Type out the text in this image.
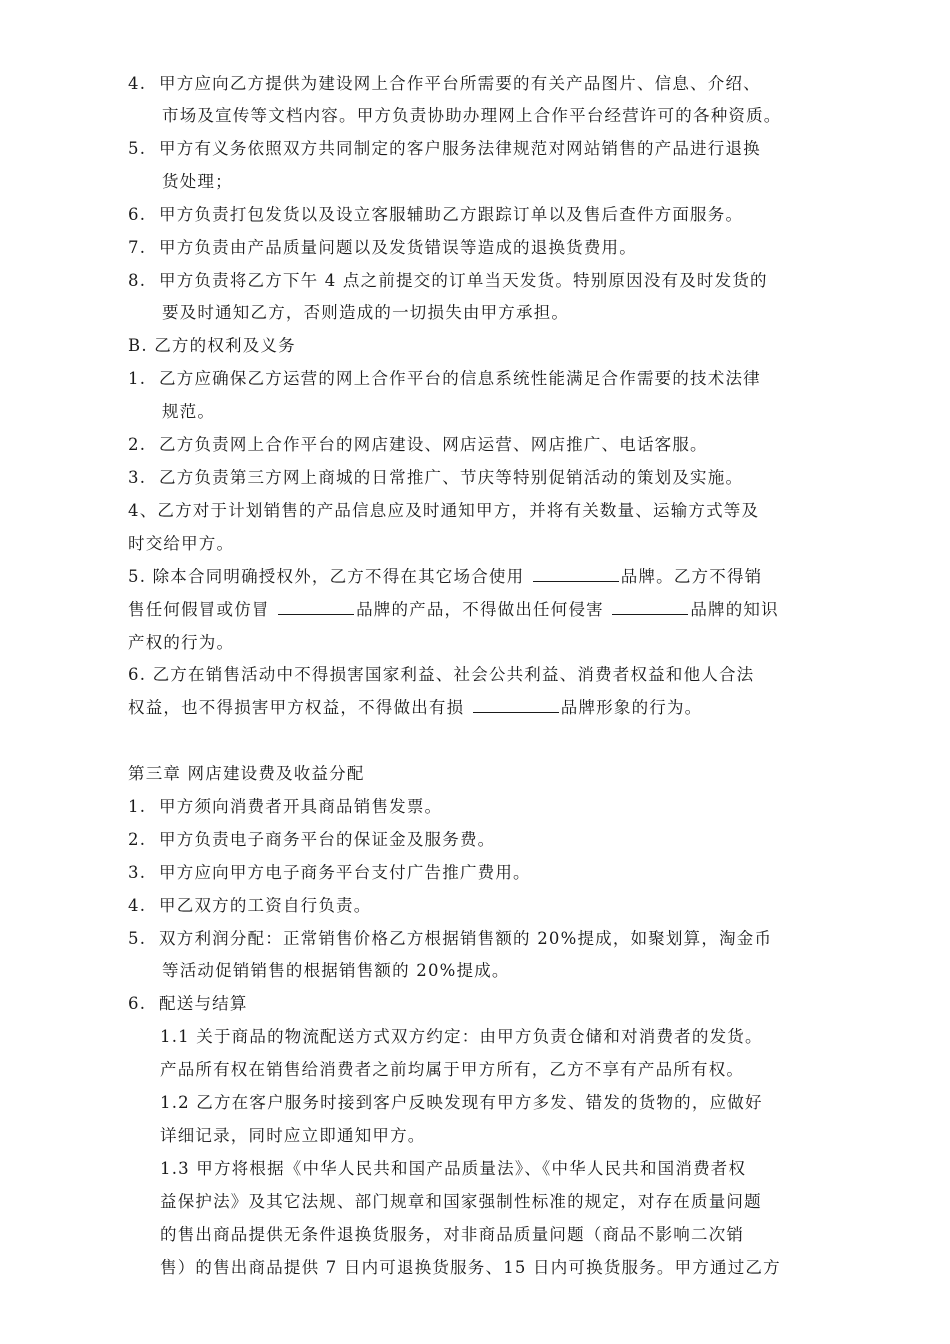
4. 甲方应向乙方提供为建设网上合作平台所需要的有关产品图片、信息、介绍、
市场及宣传等文档内容。甲方负责协助办理网上合作平台经营许可的各种资质。
5. 甲方有义务依照双方共同制定的客户服务法律规范对网站销售的产品进行退换
货处理；
6. 甲方负责打包发货以及设立客服辅助乙方跟踪订单以及售后查件方面服务。
7. 甲方负责由产品质量问题以及发货错误等造成的退换货费用。
8. 甲方负责将乙方下午 4 点之前提交的订单当天发货。特别原因没有及时发货的
要及时通知乙方，否则造成的一切损失由甲方承担。
B. 乙方的权利及义务
1. 乙方应确保乙方运营的网上合作平台的信息系统性能满足合作需要的技术法律
规范。
2. 乙方负责网上合作平台的网店建设、网店运营、网店推广、电话客服。
3. 乙方负责第三方网上商城的日常推广、节庆等特别促销活动的策划及实施。
4、乙方对于计划销售的产品信息应及时通知甲方，并将有关数量、运输方式等及
时交给甲方。
5. 除本合同明确授权外，乙方不得在其它场合使用	品牌。乙方不得销
售任何假冒或仿冒	品牌的产品，不得做出任何侵害	品牌的知识
产权的行为。
6. 乙方在销售活动中不得损害国家利益、社会公共利益、消费者权益和他人合法
权益，也不得损害甲方权益，不得做出有损	品牌形象的行为。
第三章 网店建设费及收益分配
1. 甲方须向消费者开具商品销售发票。
2. 甲方负责电子商务平台的保证金及服务费。
3. 甲方应向甲方电子商务平台支付广告推广费用。
4. 甲乙双方的工资自行负责。
5. 双方利润分配：正常销售价格乙方根据销售额的 20%提成，如聚划算，淘金币
等活动促销销售的根据销售额的 20%提成。
6. 配送与结算
1.1 关于商品的物流配送方式双方约定：由甲方负责仓储和对消费者的发货。
产品所有权在销售给消费者之前均属于甲方所有，乙方不享有产品所有权。
1.2 乙方在客户服务时接到客户反映发现有甲方多发、错发的货物的，应做好
详细记录，同时应立即通知甲方。
1.3 甲方将根据《中华人民共和国产品质量法》、《中华人民共和国消费者权
益保护法》及其它法规、部门规章和国家强制性标准的规定，对存在质量问题
的售出商品提供无条件退换货服务，对非商品质量问题（商品不影响二次销
售）的售出商品提供 7 日内可退换货服务、15 日内可换货服务。甲方通过乙方
